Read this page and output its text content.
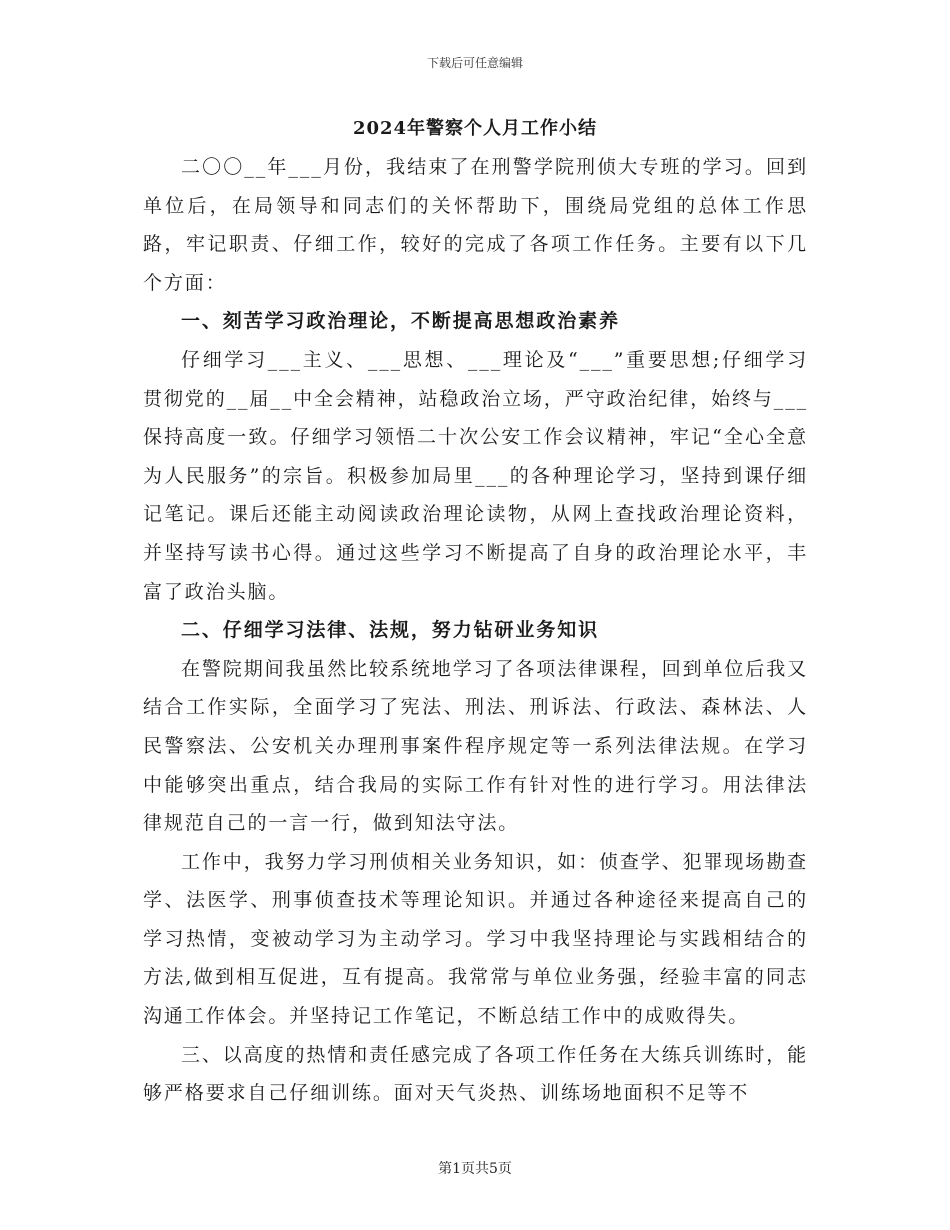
下载后可任意编辑
2024年警察个人月工作小结

二〇〇__年___月份，我结束了在刑警学院刑侦大专班的学习。回到单位后，在局领导和同志们的关怀帮助下，围绕局党组的总体工作思路，牢记职责、仔细工作，较好的完成了各项工作任务。主要有以下几个方面：

一、刻苦学习政治理论，不断提高思想政治素养

仔细学习___主义、___思想、___理论及“___”重要思想;仔细学习贯彻党的__届__中全会精神，站稳政治立场，严守政治纪律，始终与___保持高度一致。仔细学习领悟二十次公安工作会议精神，牢记“全心全意为人民服务”的宗旨。积极参加局里___的各种理论学习，坚持到课仔细记笔记。课后还能主动阅读政治理论读物，从网上查找政治理论资料，并坚持写读书心得。通过这些学习不断提高了自身的政治理论水平，丰富了政治头脑。

二、仔细学习法律、法规，努力钻研业务知识

在警院期间我虽然比较系统地学习了各项法律课程，回到单位后我又结合工作实际，全面学习了宪法、刑法、刑诉法、行政法、森林法、人民警察法、公安机关办理刑事案件程序规定等一系列法律法规。在学习中能够突出重点，结合我局的实际工作有针对性的进行学习。用法律法律规范自己的一言一行，做到知法守法。

工作中，我努力学习刑侦相关业务知识，如：侦查学、犯罪现场勘查学、法医学、刑事侦查技术等理论知识。并通过各种途径来提高自己的学习热情，变被动学习为主动学习。学习中我坚持理论与实践相结合的方法,做到相互促进，互有提高。我常常与单位业务强，经验丰富的同志沟通工作体会。并坚持记工作笔记，不断总结工作中的成败得失。

三、以高度的热情和责任感完成了各项工作任务在大练兵训练时，能够严格要求自己仔细训练。面对天气炎热、训练场地面积不足等不

第1页共5页
